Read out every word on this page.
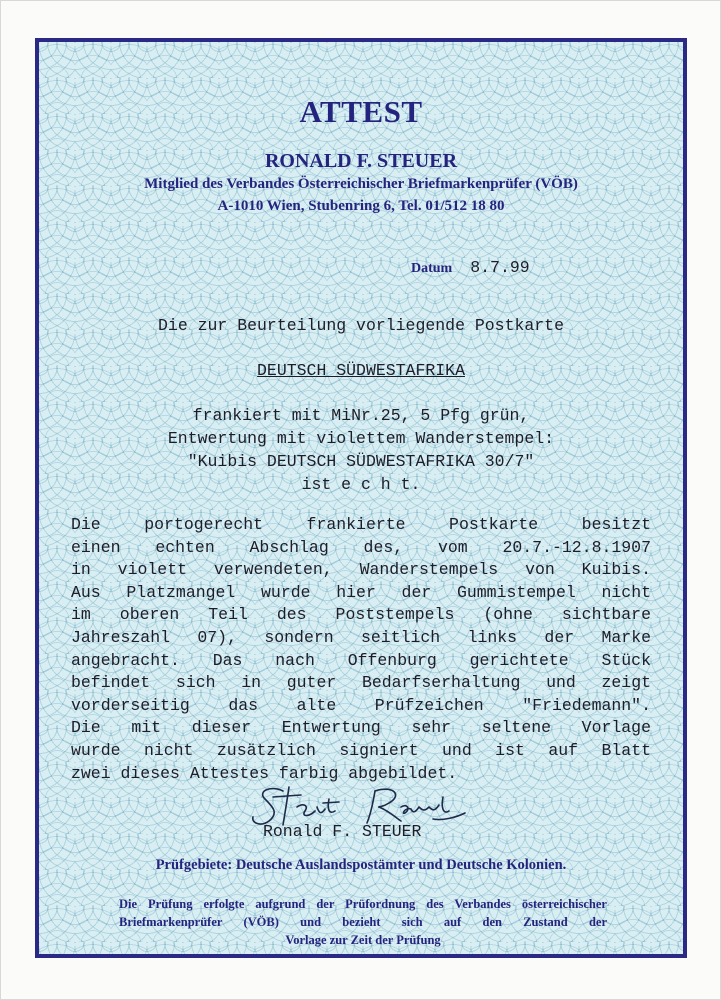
ATTEST
RONALD F. STEUER
Mitglied des Verbandes Österreichischer Briefmarkenprüfer (VÖB)
A-1010 Wien, Stubenring 6, Tel. 01/512 18 80
Datum 8.7.99
Die zur Beurteilung vorliegende Postkarte
DEUTSCH SÜDWESTAFRIKA
frankiert mit MiNr.25, 5 Pfg grün,
Entwertung mit violettem Wanderstempel:
"Kuibis DEUTSCH SÜDWESTAFRIKA 30/7"
ist e c h t.
Die portogerecht frankierte Postkarte besitzt
einen echten Abschlag des, vom 20.7.-12.8.1907
in violett verwendeten, Wanderstempels von Kuibis.
Aus Platzmangel wurde hier der Gummistempel nicht
im oberen Teil des Poststempels (ohne sichtbare
Jahreszahl 07), sondern seitlich links der Marke
angebracht. Das nach Offenburg gerichtete Stück
befindet sich in guter Bedarfserhaltung und zeigt
vorderseitig das alte Prüfzeichen "Friedemann".
Die mit dieser Entwertung sehr seltene Vorlage
wurde nicht zusätzlich signiert und ist auf Blatt
zwei dieses Attestes farbig abgebildet.
Ronald F. STEUER
Prüfgebiete: Deutsche Auslandspostämter und Deutsche Kolonien.
Die Prüfung erfolgte aufgrund der Prüfordnung des Verbandes österreichischer
Briefmarkenprüfer (VÖB) und bezieht sich auf den Zustand der
Vorlage zur Zeit der Prüfung
